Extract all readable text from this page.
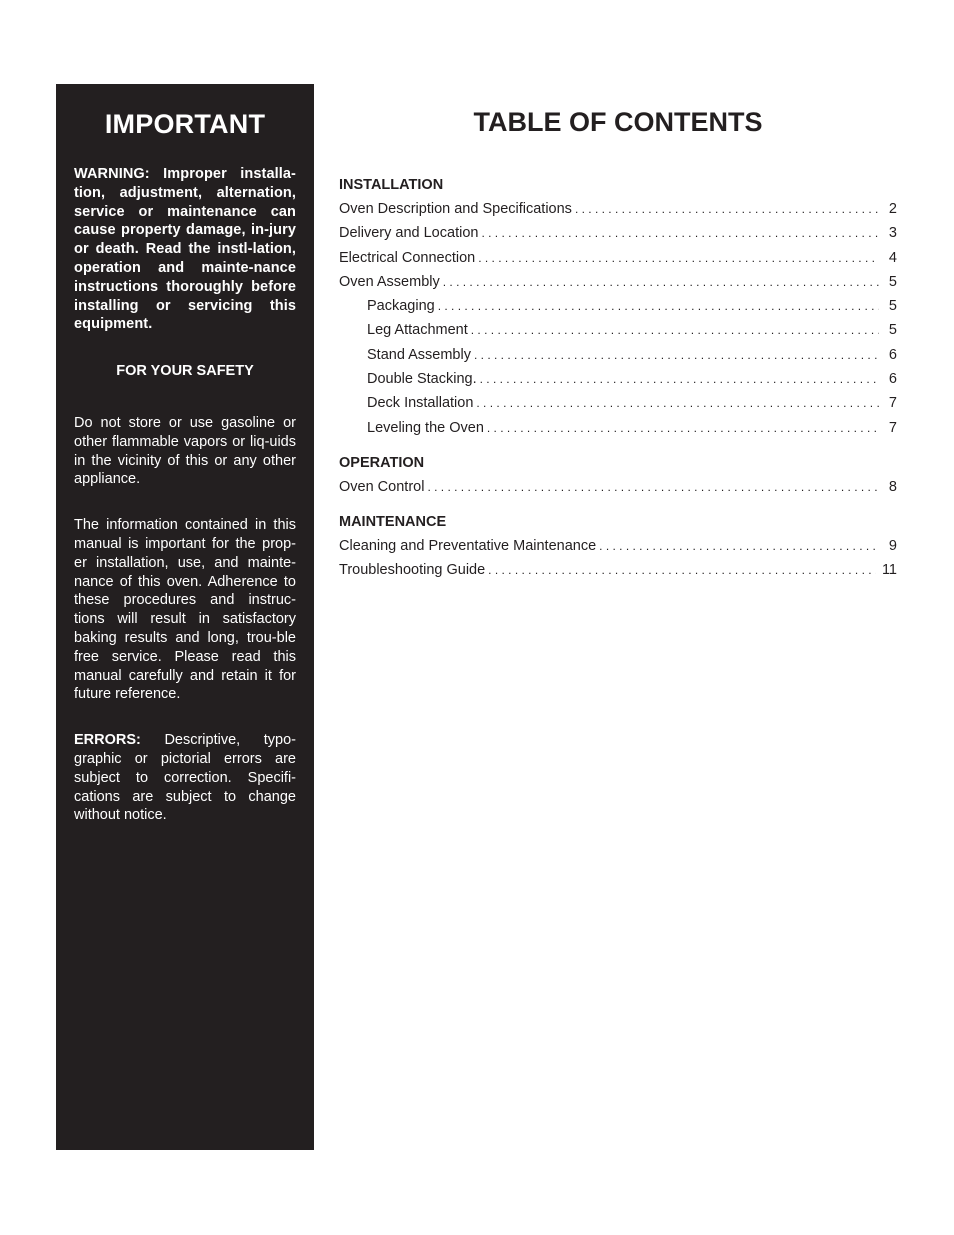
IMPORTANT

WARNING: Improper installa-tion, adjustment, alternation, service or maintenance can cause property damage, in-jury or death. Read the instl-lation, operation and mainte-nance instructions thoroughly before installing or servicing this equipment.

FOR YOUR SAFETY

Do not store or use gasoline or other flammable vapors or liq-uids in the vicinity of this or any other appliance.

The information contained in this manual is important for the prop-er installation, use, and mainte-nance of this oven. Adherence to these procedures and instruc-tions will result in satisfactory baking results and long, trou-ble free service. Please read this manual carefully and retain it for future reference.

ERRORS: Descriptive, typo-graphic or pictorial errors are subject to correction. Specifi-cations are subject to change without notice.

TABLE OF CONTENTS
INSTALLATION
Oven Description and Specifications . . .	2
Delivery and Location . . .	3
Electrical Connection . . .	4
Oven Assembly . . .	5
Packaging . . .	5
Leg Attachment . . .	5
Stand Assembly . . .	6
Double Stacking. . . .	6
Deck Installation . . .	7
Leveling the Oven . . .	7
OPERATION
Oven Control . . .	8
MAINTENANCE
Cleaning and Preventative Maintenance . . .	9
Troubleshooting Guide . . .	11
